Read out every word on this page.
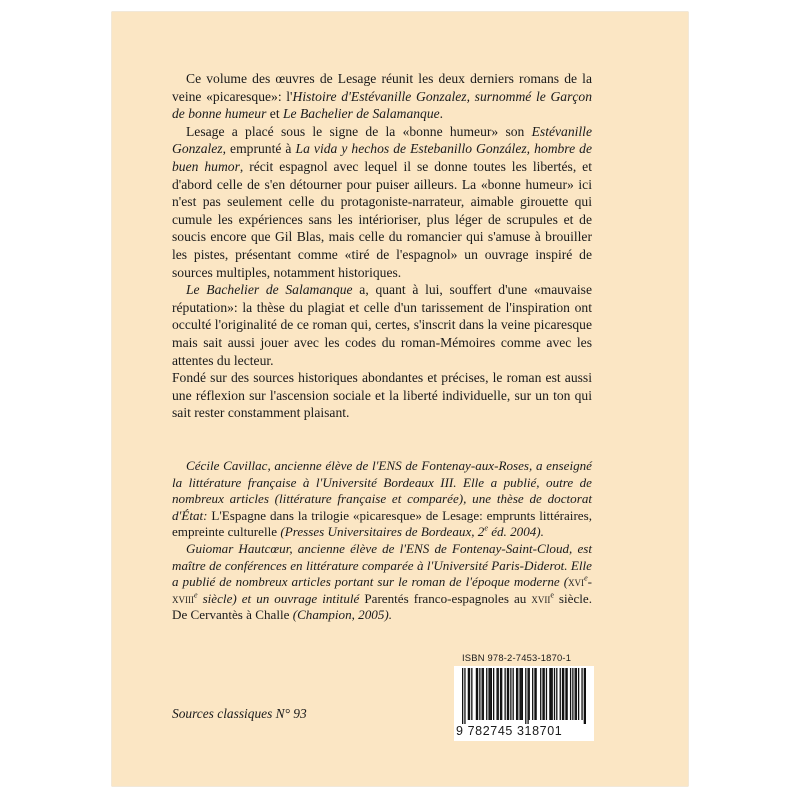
Ce volume des œuvres de Lesage réunit les deux derniers romans de la veine «picaresque»: l'Histoire d'Estévanille Gonzalez, surnommé le Garçon de bonne humeur et Le Bachelier de Salamanque.

Lesage a placé sous le signe de la «bonne humeur» son Estévanille Gonzalez, emprunté à La vida y hechos de Estebanillo González, hombre de buen humor, récit espagnol avec lequel il se donne toutes les libertés, et d'abord celle de s'en détourner pour puiser ailleurs. La «bonne humeur» ici n'est pas seulement celle du protagoniste-narrateur, aimable girouette qui cumule les expériences sans les intérioriser, plus léger de scrupules et de soucis encore que Gil Blas, mais celle du romancier qui s'amuse à brouiller les pistes, présentant comme «tiré de l'espagnol» un ouvrage inspiré de sources multiples, notamment historiques.

Le Bachelier de Salamanque a, quant à lui, souffert d'une «mauvaise réputation»: la thèse du plagiat et celle d'un tarissement de l'inspiration ont occulté l'originalité de ce roman qui, certes, s'inscrit dans la veine picaresque mais sait aussi jouer avec les codes du roman-Mémoires comme avec les attentes du lecteur.

Fondé sur des sources historiques abondantes et précises, le roman est aussi une réflexion sur l'ascension sociale et la liberté individuelle, sur un ton qui sait rester constamment plaisant.

Cécile Cavillac, ancienne élève de l'ENS de Fontenay-aux-Roses, a enseigné la littérature française à l'Université Bordeaux III. Elle a publié, outre de nombreux articles (littérature française et comparée), une thèse de doctorat d'État: L'Espagne dans la trilogie «picaresque» de Lesage: emprunts littéraires, empreinte culturelle (Presses Universitaires de Bordeaux, 2e éd. 2004).

Guiomar Hautcœur, ancienne élève de l'ENS de Fontenay-Saint-Cloud, est maître de conférences en littérature comparée à l'Université Paris-Diderot. Elle a publié de nombreux articles portant sur le roman de l'époque moderne (xvi$^e$-xviii$^e$ siècle) et un ouvrage intitulé Parentés franco-espagnoles au xvii$^e$ siècle. De Cervantès à Challe (Champion, 2005).

Sources classiques N° 93

ISBN 978-2-7453-1870-1

9 782745 318701
